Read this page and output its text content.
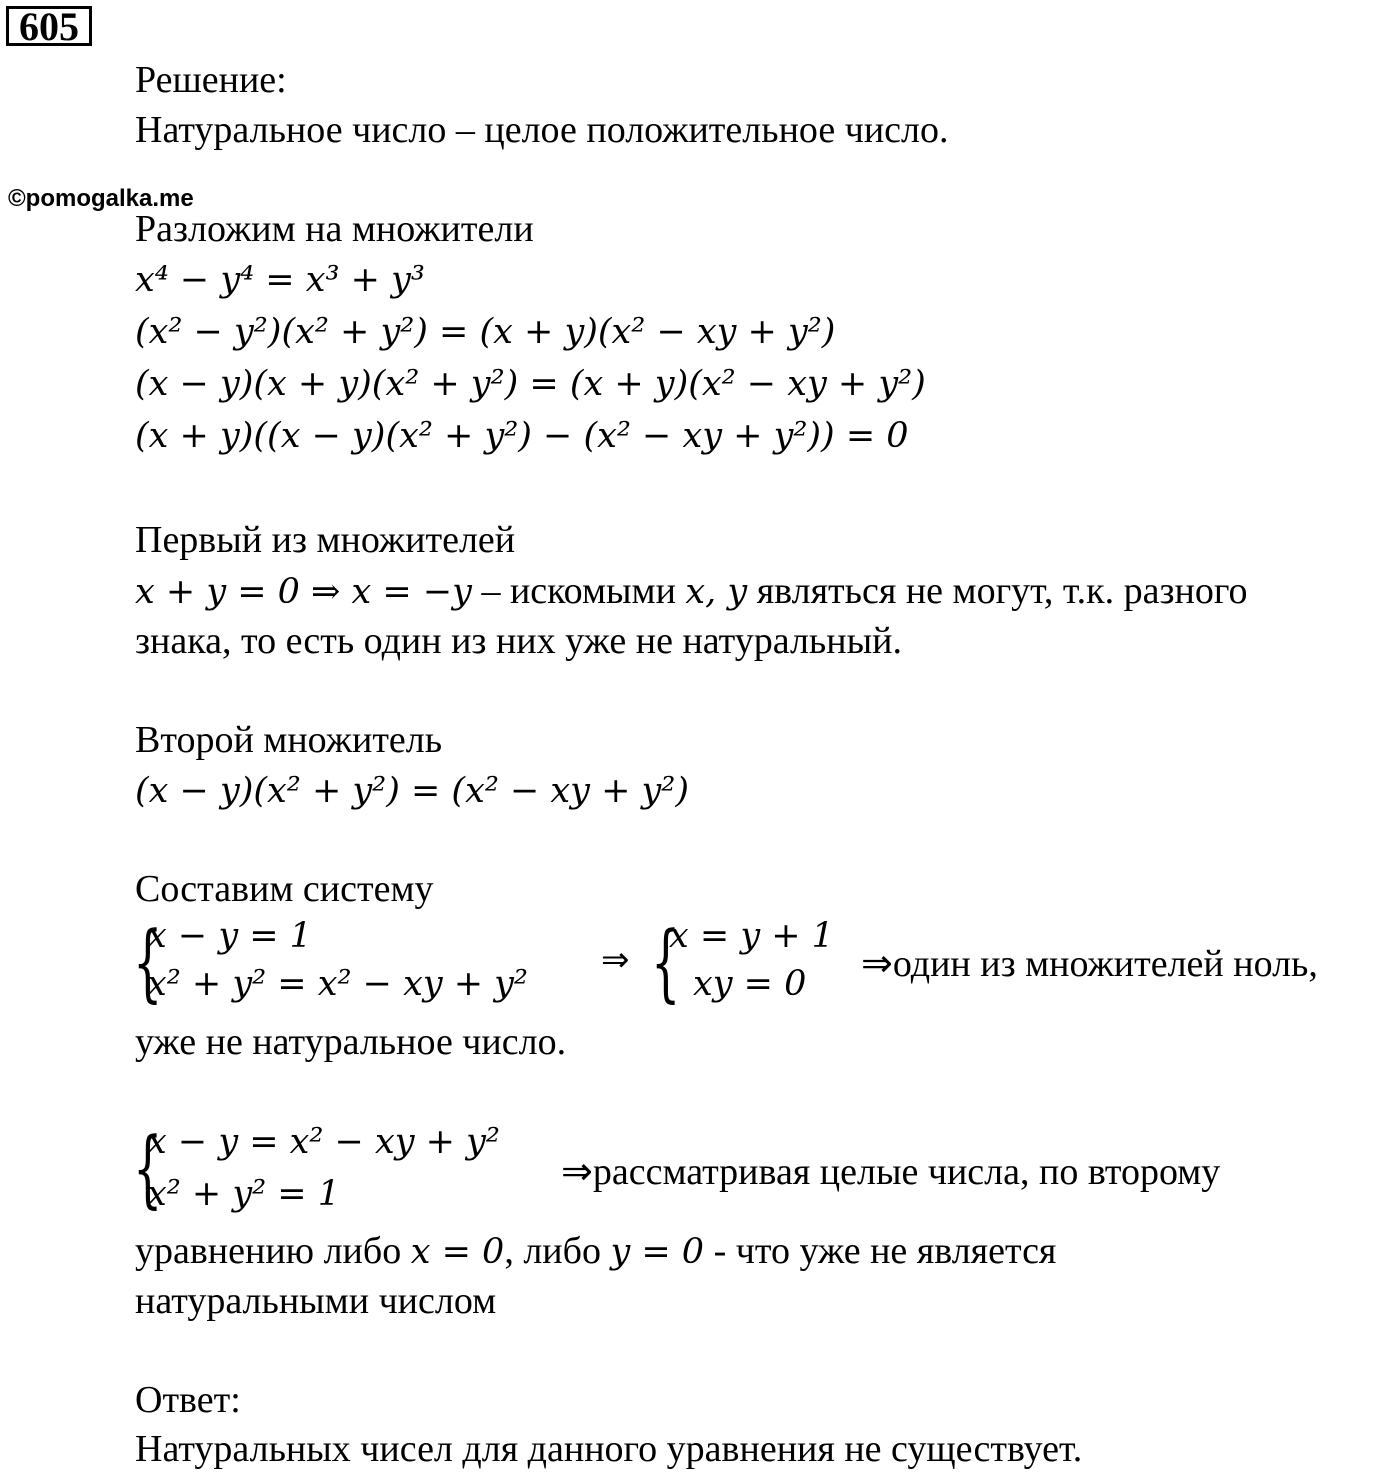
605
©pomogalka.me
Решение:
Натуральное число – целое положительное число.
Разложим на множители
x⁴ − y⁴ = x³ + y³
(x² − y²)(x² + y²) = (x + y)(x² − xy + y²)
(x − y)(x + y)(x² + y²) = (x + y)(x² − xy + y²)
(x + y)((x − y)(x² + y²) − (x² − xy + y²)) = 0
Первый из множителей
x + y = 0 ⇒ x = −y – искомыми x, y являться не могут, т.к. разного
знака, то есть один из них уже не натуральный.
Второй множитель
(x − y)(x² + y²) = (x² − xy + y²)
Составим систему
{
x − y = 1
x² + y² = x² − xy + y²
⇒ {
x = y + 1
xy = 0 ⇒один из множителей ноль,
уже не натуральное число.
{
x − y = x² − xy + y²
x² + y² = 1
⇒рассматривая целые числа, по второму
уравнению либо x = 0, либо y = 0 - что уже не является
натуральными числом
Ответ:
Натуральных чисел для данного уравнения не существует.
